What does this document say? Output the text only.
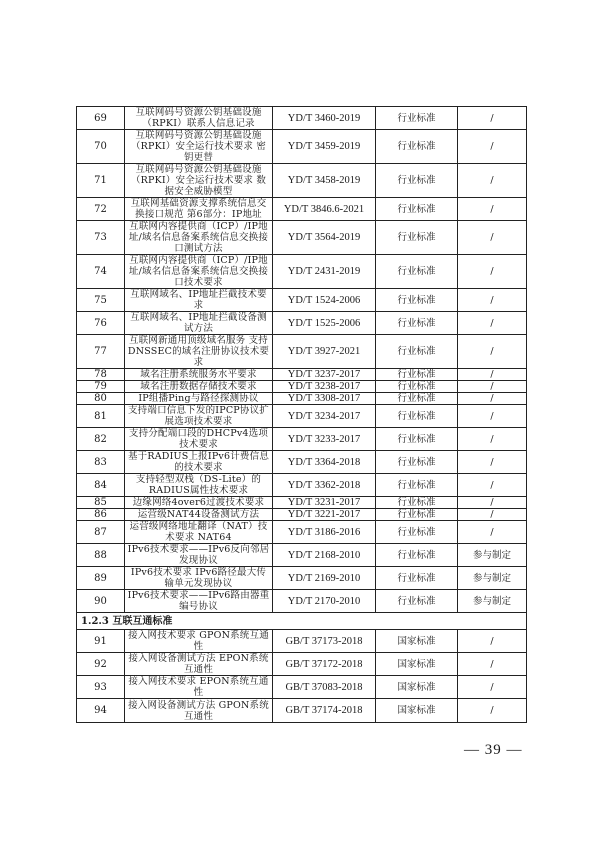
69	互联网码号资源公钥基础设施（RPKI）联系人信息记录	YD/T 3460-2019	行业标准	/
70	互联网码号资源公钥基础设施（RPKI）安全运行技术要求 密钥更替	YD/T 3459-2019	行业标准	/
71	互联网码号资源公钥基础设施（RPKI）安全运行技术要求 数据安全威胁模型	YD/T 3458-2019	行业标准	/
72	互联网基础资源支撑系统信息交换接口规范 第6部分：IP地址	YD/T 3846.6-2021	行业标准	/
73	互联网内容提供商（ICP）/IP地址/域名信息备案系统信息交换接口测试方法	YD/T 3564-2019	行业标准	/
74	互联网内容提供商（ICP）/IP地址/域名信息备案系统信息交换接口技术要求	YD/T 2431-2019	行业标准	/
75	互联网域名、IP地址拦截技术要求	YD/T 1524-2006	行业标准	/
76	互联网域名、IP地址拦截设备测试方法	YD/T 1525-2006	行业标准	/
77	互联网新通用顶级域名服务 支持DNSSEC的域名注册协议技术要求	YD/T 3927-2021	行业标准	/
78	域名注册系统服务水平要求	YD/T 3237-2017	行业标准	/
79	域名注册数据存储技术要求	YD/T 3238-2017	行业标准	/
80	IP组播Ping与路径探测协议	YD/T 3308-2017	行业标准	/
81	支持端口信息下发的IPCP协议扩展选项技术要求	YD/T 3234-2017	行业标准	/
82	支持分配端口段的DHCPv4选项技术要求	YD/T 3233-2017	行业标准	/
83	基于RADIUS上报IPv6计费信息的技术要求	YD/T 3364-2018	行业标准	/
84	支持轻型双栈（DS-Lite）的RADIUS属性技术要求	YD/T 3362-2018	行业标准	/
85	边缘网络4over6过渡技术要求	YD/T 3231-2017	行业标准	/
86	运营级NAT44设备测试方法	YD/T 3221-2017	行业标准	/
87	运营级网络地址翻译（NAT）技术要求 NAT64	YD/T 3186-2016	行业标准	/
88	IPv6技术要求——IPv6反向邻居发现协议	YD/T 2168-2010	行业标准	参与制定
89	IPv6技术要求 IPv6路径最大传输单元发现协议	YD/T 2169-2010	行业标准	参与制定
90	IPv6技术要求——IPv6路由器重编号协议	YD/T 2170-2010	行业标准	参与制定
1.2.3 互联互通标准				
91	接入网技术要求 GPON系统互通性	GB/T 37173-2018	国家标准	/
92	接入网设备测试方法 EPON系统互通性	GB/T 37172-2018	国家标准	/
93	接入网技术要求 EPON系统互通性	GB/T 37083-2018	国家标准	/
94	接入网设备测试方法 GPON系统互通性	GB/T 37174-2018	国家标准	/
— 39 —
